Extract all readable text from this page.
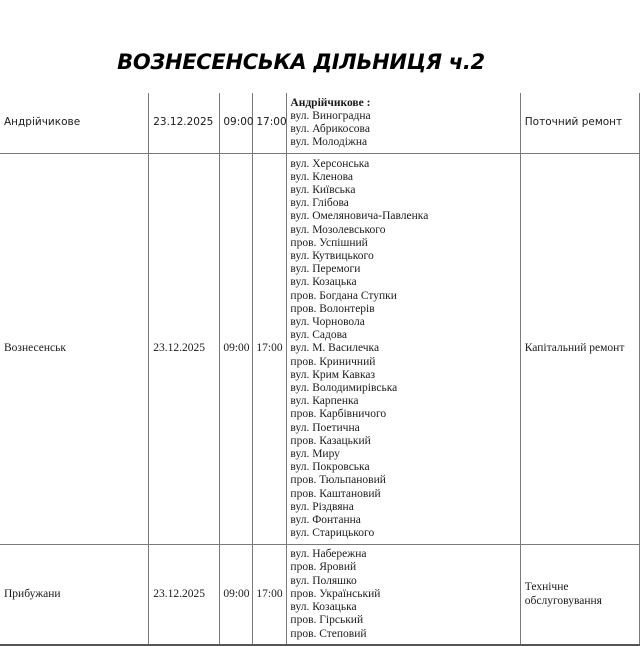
ВОЗНЕСЕНСЬКА ДІЛЬНИЦЯ ч.2
Андрійчикове	23.12.2025	09:00	17:00	
Андрійчикове :
вул. Виноградна
вул. Абрикосова
вул. Молодіжна
	Поточний ремонт
Вознесенськ	23.12.2025	09:00	17:00	
вул. Херсонська
вул. Кленова
вул. Київська
вул. Глібова
вул. Омеляновича-Павленка
вул. Мозолевського
пров. Успішний
вул. Кутвицького
вул. Перемоги
вул. Козацька
пров. Богдана Ступки
пров. Волонтерів
вул. Чорновола
вул. Садова
вул. М. Василечка
пров. Криничний
вул. Крим Кавказ
вул. Володимирівська
вул. Карпенка
пров. Карбівничого
вул. Поетична
пров. Казацький
вул. Миру
вул. Покровська
пров. Тюльпановий
пров. Каштановий
вул. Різдвяна
вул. Фонтанна
вул. Старицького
	Капітальний ремонт
Прибужани	23.12.2025	09:00	17:00	
вул. Набережна
пров. Яровий
вул. Поляшко
пров. Український
вул. Козацька
пров. Гірський
пров. Степовий
	Технічне обслуговування
